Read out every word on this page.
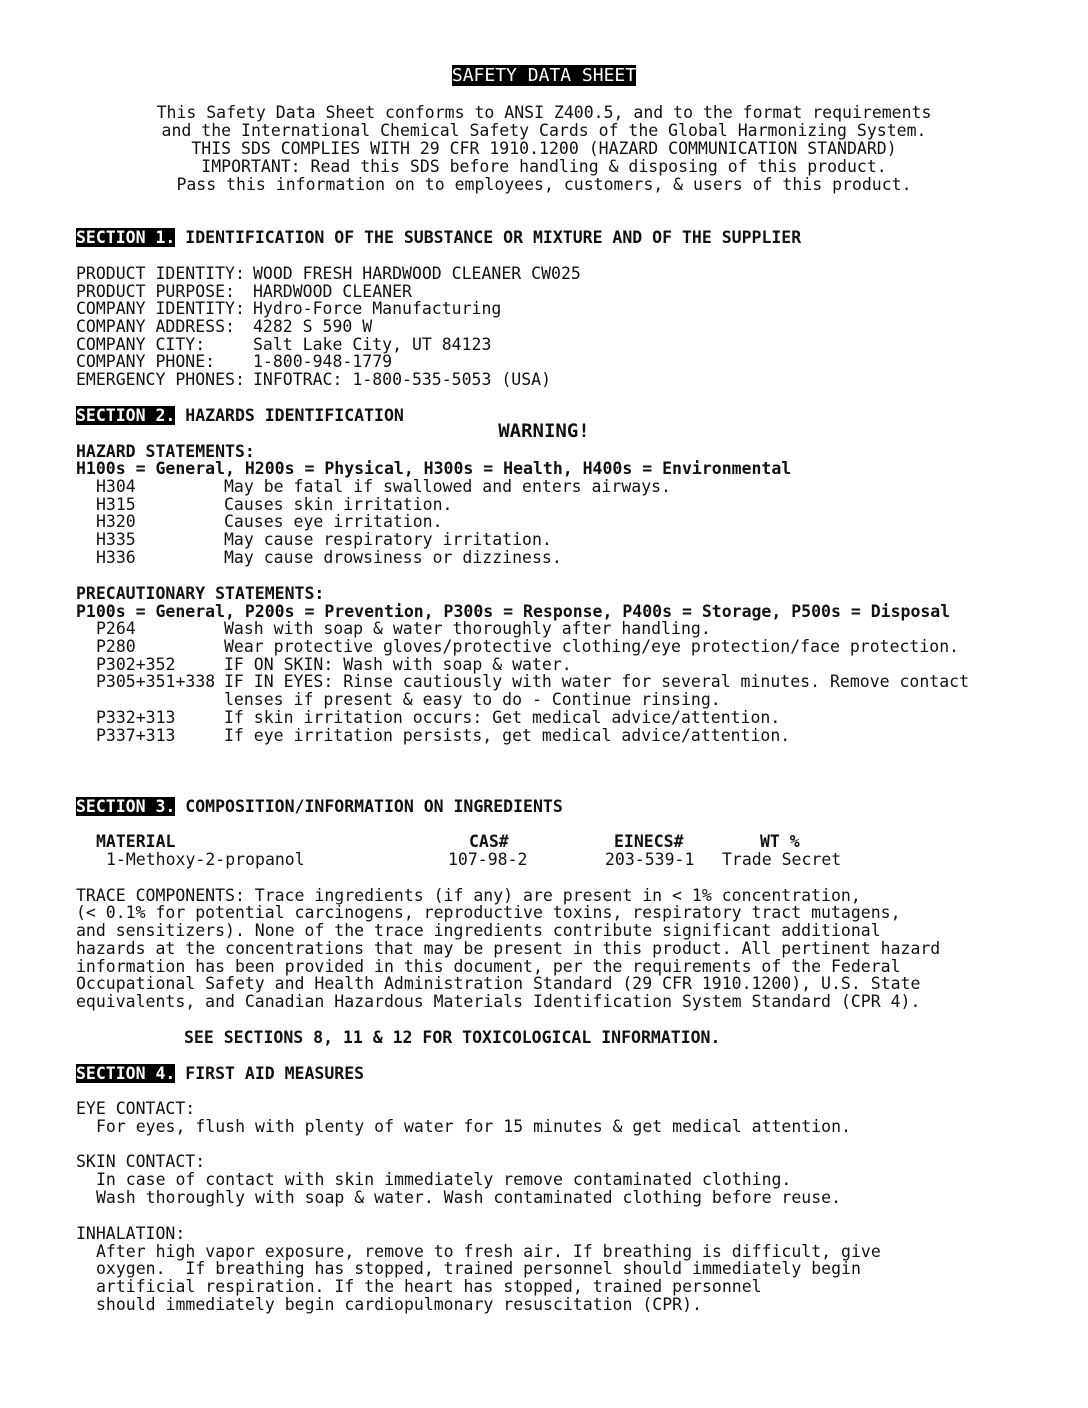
SAFETY DATA SHEET
This Safety Data Sheet conforms to ANSI Z400.5, and to the format requirements
and the International Chemical Safety Cards of the Global Harmonizing System.
THIS SDS COMPLIES WITH 29 CFR 1910.1200 (HAZARD COMMUNICATION STANDARD)
IMPORTANT: Read this SDS before handling & disposing of this product.
Pass this information on to employees, customers, & users of this product.
SECTION 1. IDENTIFICATION OF THE SUBSTANCE OR MIXTURE AND OF THE SUPPLIER
PRODUCT IDENTITY: WOOD FRESH HARDWOOD CLEANER CW025
PRODUCT PURPOSE: HARDWOOD CLEANER
COMPANY IDENTITY: Hydro-Force Manufacturing
COMPANY ADDRESS: 4282 S 590 W
COMPANY CITY:	Salt Lake City, UT 84123
COMPANY PHONE: 1-800-948-1779
EMERGENCY PHONES: INFOTRAC: 1-800-535-5053 (USA)
SECTION 2. HAZARDS IDENTIFICATION
WARNING!
HAZARD STATEMENTS:
H100s = General, H200s = Physical, H300s = Health, H400s = Environmental
H304	May be fatal if swallowed and enters airways.
H315	Causes skin irritation.
H320	Causes eye irritation.
H335	May cause respiratory irritation.
H336	May cause drowsiness or dizziness.
PRECAUTIONARY STATEMENTS:
P100s = General, P200s = Prevention, P300s = Response, P400s = Storage, P500s = Disposal
P264	Wash with soap & water thoroughly after handling.
P280	Wear protective gloves/protective clothing/eye protection/face protection.
P302+352	IF ON SKIN: Wash with soap & water.
P305+351+338 IF IN EYES: Rinse cautiously with water for several minutes. Remove contact
lenses if present & easy to do - Continue rinsing.
P332+313	If skin irritation occurs: Get medical advice/attention.
P337+313	If eye irritation persists, get medical advice/attention.
SECTION 3. COMPOSITION/INFORMATION ON INGREDIENTS
MATERIAL	CAS#	EINECS#	WT %
1-Methoxy-2-propanol	107-98-2	203-539-1 Trade Secret
TRACE COMPONENTS: Trace ingredients (if any) are present in < 1% concentration,
(< 0.1% for potential carcinogens, reproductive toxins, respiratory tract mutagens,
and sensitizers). None of the trace ingredients contribute significant additional
hazards at the concentrations that may be present in this product. All pertinent hazard
information has been provided in this document, per the requirements of the Federal
Occupational Safety and Health Administration Standard (29 CFR 1910.1200), U.S. State
equivalents, and Canadian Hazardous Materials Identification System Standard (CPR 4).
SEE SECTIONS 8, 11 & 12 FOR TOXICOLOGICAL INFORMATION.
SECTION 4. FIRST AID MEASURES
EYE CONTACT:
For eyes, flush with plenty of water for 15 minutes & get medical attention.
SKIN CONTACT:
In case of contact with skin immediately remove contaminated clothing.
Wash thoroughly with soap & water. Wash contaminated clothing before reuse.
INHALATION:
After high vapor exposure, remove to fresh air. If breathing is difficult, give
oxygen.  If breathing has stopped, trained personnel should immediately begin
artificial respiration. If the heart has stopped, trained personnel
should immediately begin cardiopulmonary resuscitation (CPR).
